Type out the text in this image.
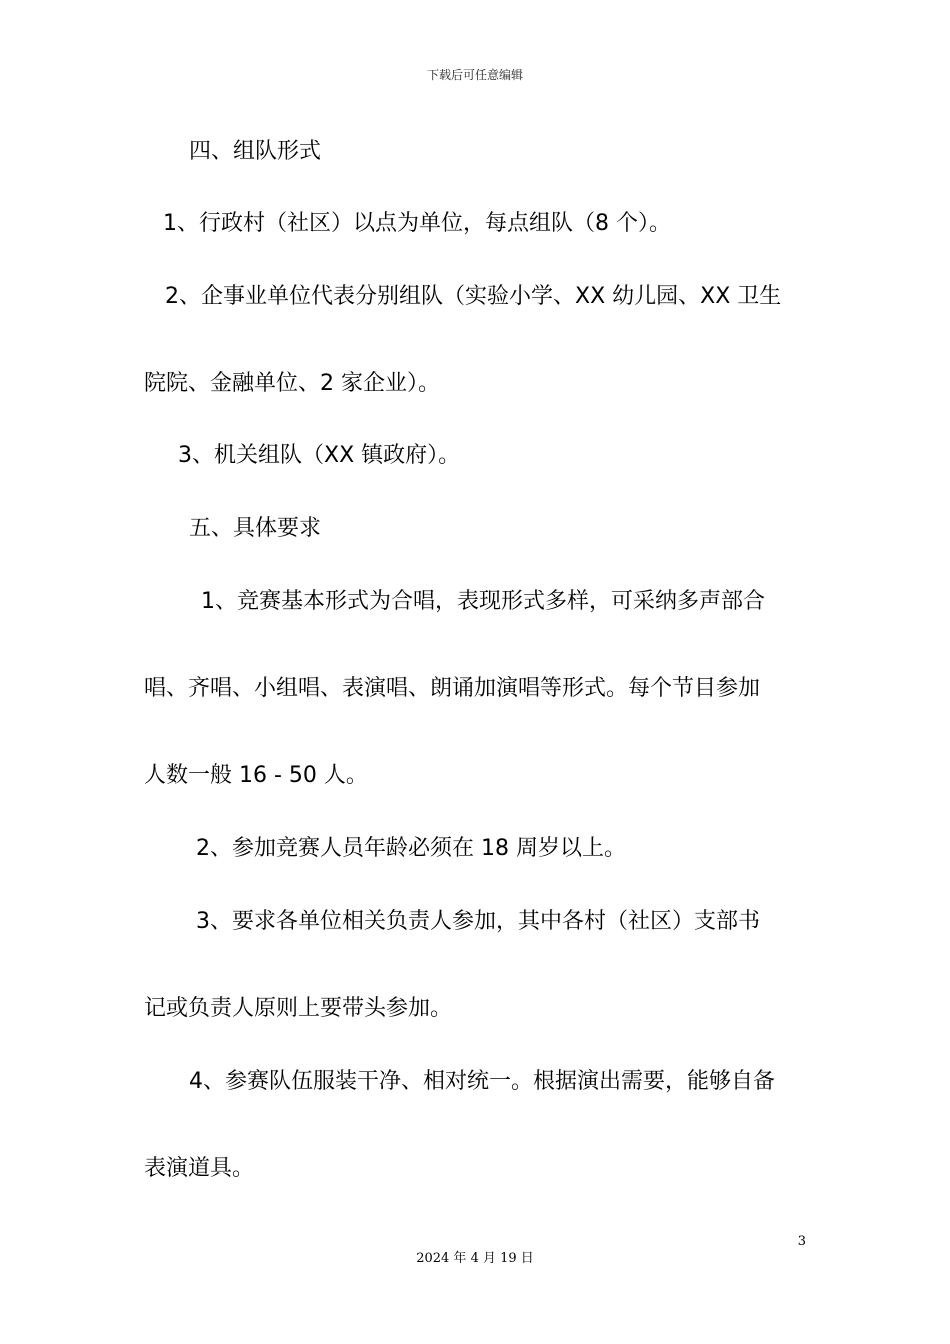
下载后可任意编辑
四、组队形式
1、行政村（社区）以点为单位，每点组队（8 个）。
2、企事业单位代表分别组队（实验小学、XX 幼儿园、XX 卫生
院院、金融单位、2 家企业）。
3、机关组队（XX 镇政府）。
五、具体要求
1、竞赛基本形式为合唱，表现形式多样，可采纳多声部合
唱、齐唱、小组唱、表演唱、朗诵加演唱等形式。每个节目参加
人数一般 16 - 50 人。
2、参加竞赛人员年龄必须在 18 周岁以上。
3、要求各单位相关负责人参加，其中各村（社区）支部书
记或负责人原则上要带头参加。
4、参赛队伍服装干净、相对统一。根据演出需要，能够自备
表演道具。
3
2024 年 4 月 19 日
